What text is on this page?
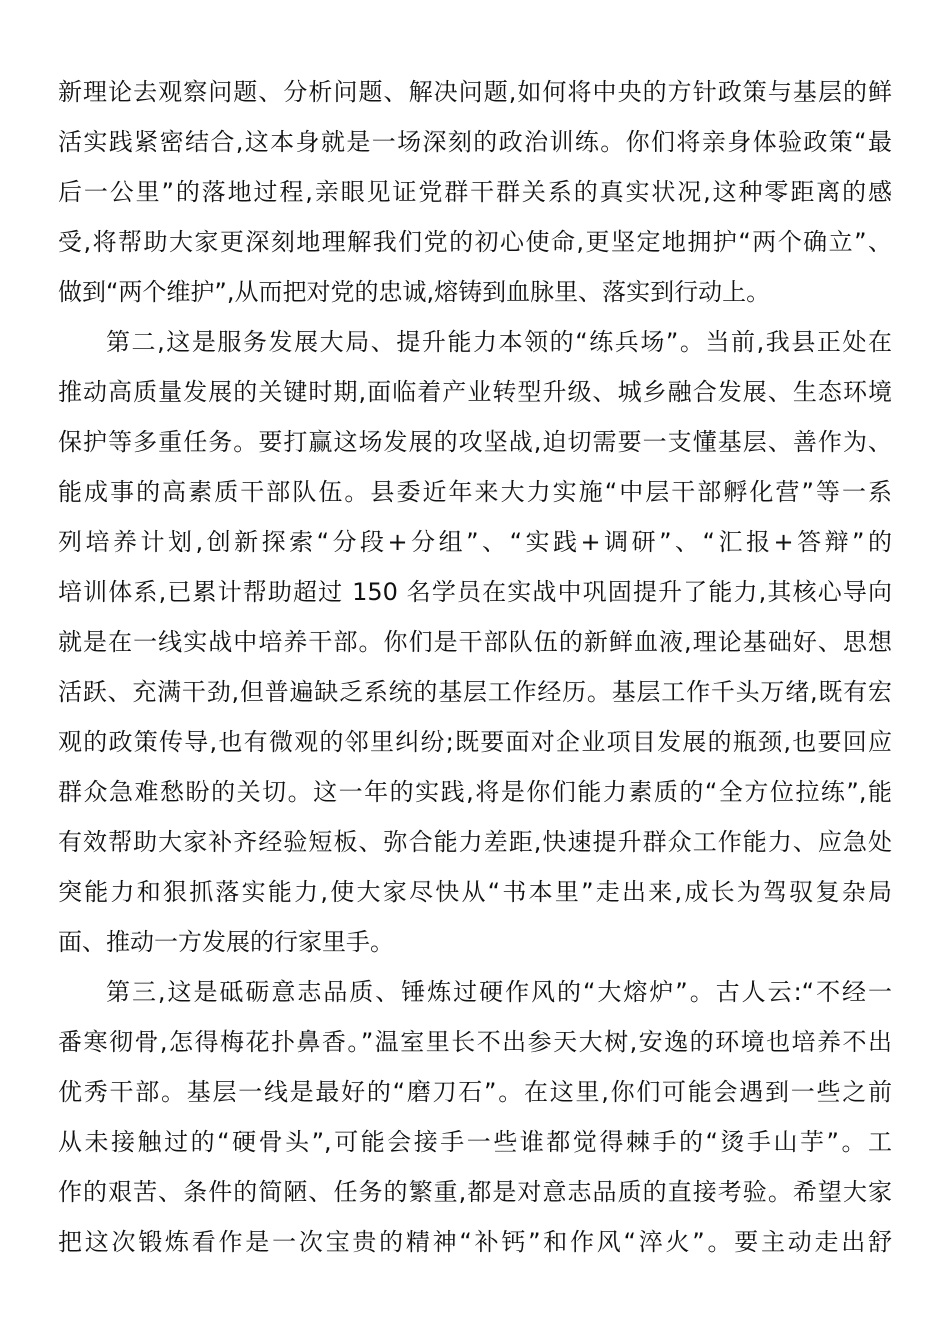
新理论去观察问题、分析问题、解决问题,如何将中央的方针政策与基层的鲜
活实践紧密结合,这本身就是一场深刻的政治训练。你们将亲身体验政策“最
后一公里”的落地过程,亲眼见证党群干群关系的真实状况,这种零距离的感
受,将帮助大家更深刻地理解我们党的初心使命,更坚定地拥护“两个确立”、
做到“两个维护”,从而把对党的忠诚,熔铸到血脉里、落实到行动上。
第二,这是服务发展大局、提升能力本领的“练兵场”。当前,我县正处在
推动高质量发展的关键时期,面临着产业转型升级、城乡融合发展、生态环境
保护等多重任务。要打赢这场发展的攻坚战,迫切需要一支懂基层、善作为、
能成事的高素质干部队伍。县委近年来大力实施“中层干部孵化营”等一系
列培养计划,创新探索“分段+分组”、“实践+调研”、“汇报+答辩”的
培训体系,已累计帮助超过 150 名学员在实战中巩固提升了能力,其核心导向
就是在一线实战中培养干部。你们是干部队伍的新鲜血液,理论基础好、思想
活跃、充满干劲,但普遍缺乏系统的基层工作经历。基层工作千头万绪,既有宏
观的政策传导,也有微观的邻里纠纷;既要面对企业项目发展的瓶颈,也要回应
群众急难愁盼的关切。这一年的实践,将是你们能力素质的“全方位拉练”,能
有效帮助大家补齐经验短板、弥合能力差距,快速提升群众工作能力、应急处
突能力和狠抓落实能力,使大家尽快从“书本里”走出来,成长为驾驭复杂局
面、推动一方发展的行家里手。
第三,这是砥砺意志品质、锤炼过硬作风的“大熔炉”。古人云:“不经一
番寒彻骨,怎得梅花扑鼻香。”温室里长不出参天大树,安逸的环境也培养不出
优秀干部。基层一线是最好的“磨刀石”。在这里,你们可能会遇到一些之前
从未接触过的“硬骨头”,可能会接手一些谁都觉得棘手的“烫手山芋”。工
作的艰苦、条件的简陋、任务的繁重,都是对意志品质的直接考验。希望大家
把这次锻炼看作是一次宝贵的精神“补钙”和作风“淬火”。要主动走出舒
